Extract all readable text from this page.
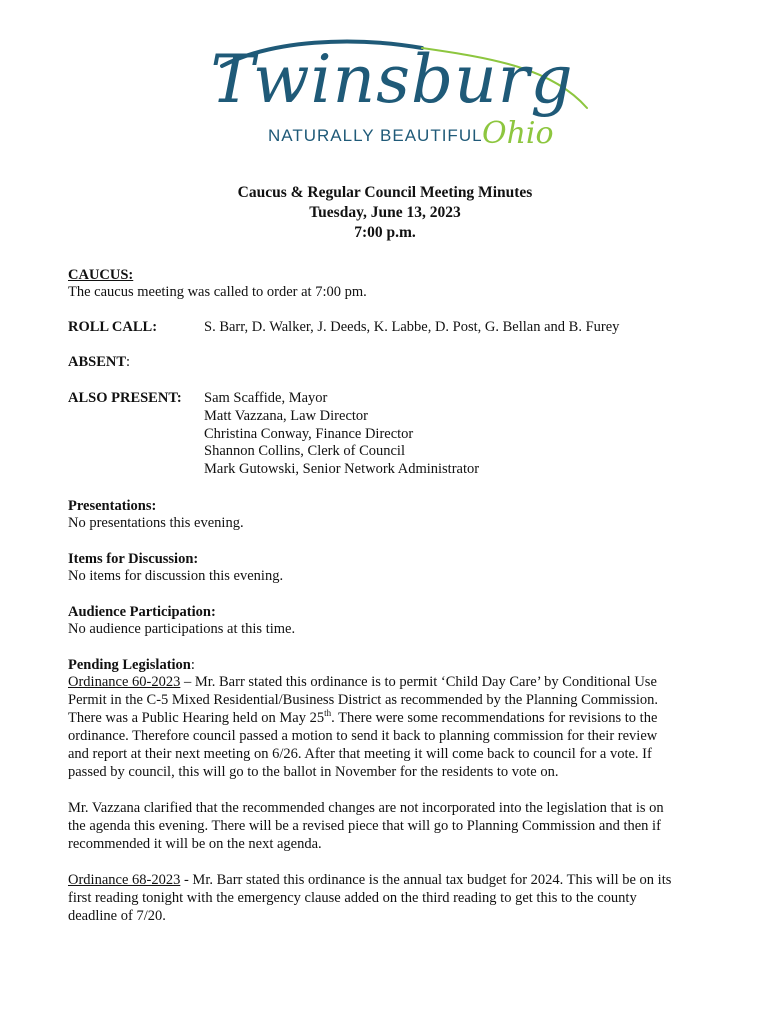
Twinsburg
NATURALLY BEAUTIFUL Ohio
Caucus & Regular Council Meeting Minutes
Tuesday, June 13, 2023
7:00 p.m.
CAUCUS:
The caucus meeting was called to order at 7:00 pm.
ROLL CALL:	S. Barr, D. Walker, J. Deeds, K. Labbe, D. Post, G. Bellan and B. Furey
ABSENT:
ALSO PRESENT: Sam Scaffide, Mayor
Matt Vazzana, Law Director
Christina Conway, Finance Director
Shannon Collins, Clerk of Council
Mark Gutowski, Senior Network Administrator
Presentations:
No presentations this evening.
Items for Discussion:
No items for discussion this evening.
Audience Participation:
No audience participations at this time.
Pending Legislation:
Ordinance 60-2023 – Mr. Barr stated this ordinance is to permit ‘Child Day Care’ by Conditional Use
Permit in the C-5 Mixed Residential/Business District as recommended by the Planning Commission.
There was a Public Hearing held on May 25th. There were some recommendations for revisions to the
ordinance. Therefore council passed a motion to send it back to planning commission for their review
and report at their next meeting on 6/26. After that meeting it will come back to council for a vote. If
passed by council, this will go to the ballot in November for the residents to vote on.
Mr. Vazzana clarified that the recommended changes are not incorporated into the legislation that is on
the agenda this evening. There will be a revised piece that will go to Planning Commission and then if
recommended it will be on the next agenda.
Ordinance 68-2023 - Mr. Barr stated this ordinance is the annual tax budget for 2024. This will be on its
first reading tonight with the emergency clause added on the third reading to get this to the county
deadline of 7/20.
